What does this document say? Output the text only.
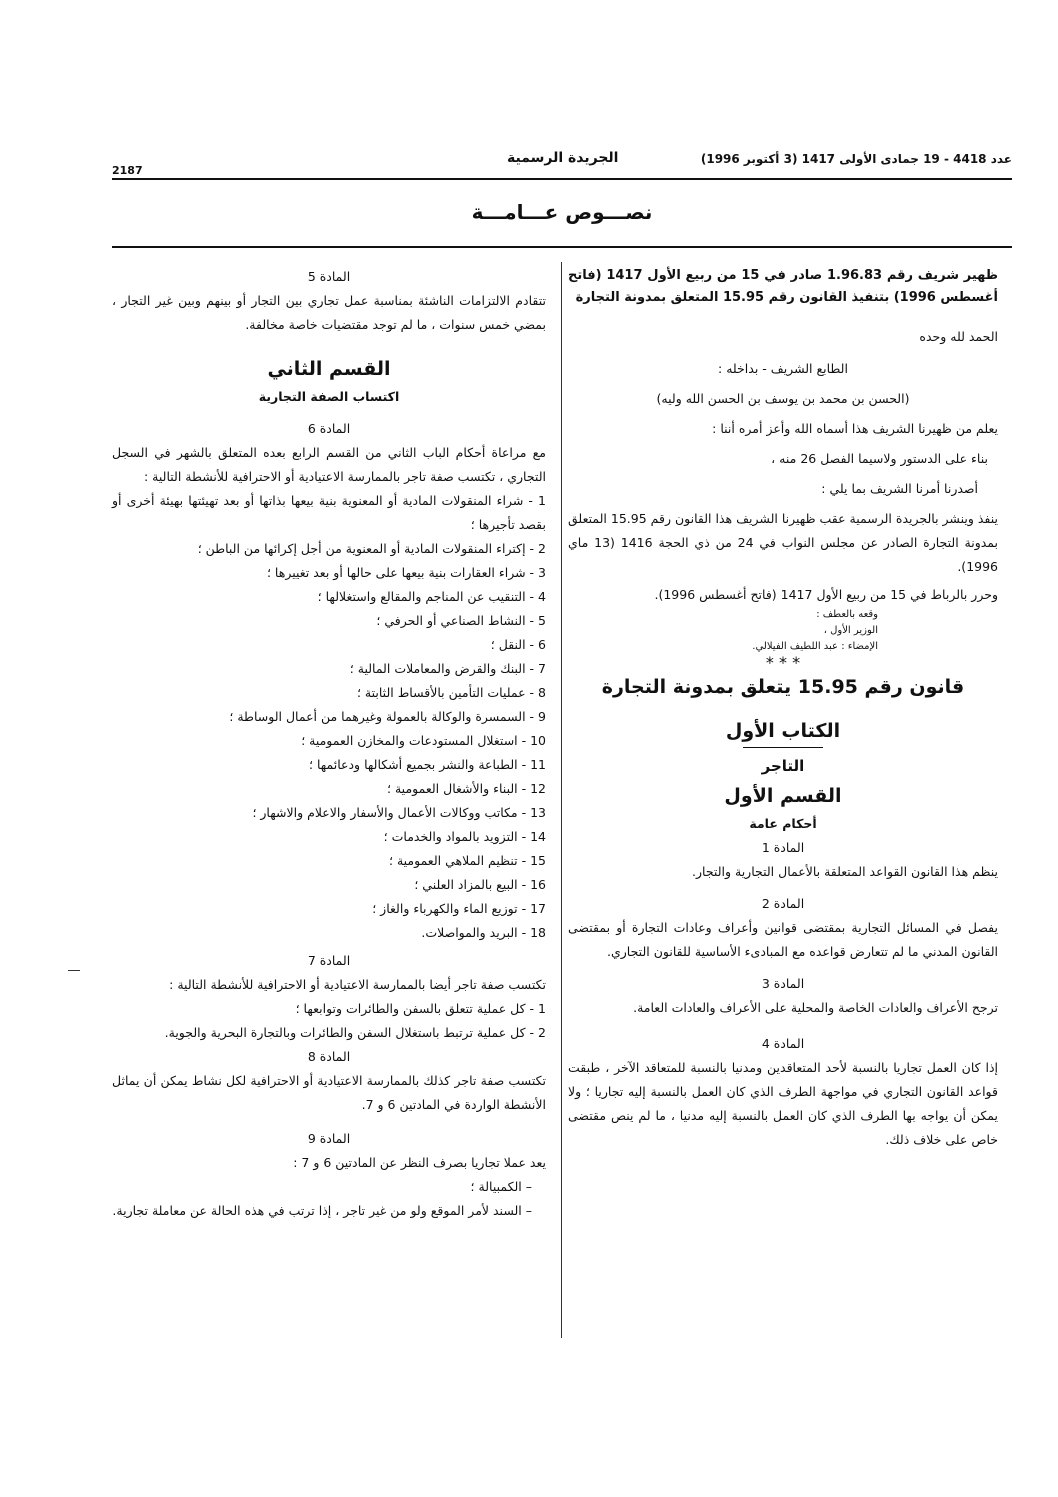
عدد 4418 - 19 جمادى الأولى 1417 (3 أكتوبر 1996)
الجريدة الرسمية
2187
نصـــوص عـــامـــة

ظهير شريف رقم 1.96.83 صادر في 15 من ربيع الأول 1417 (فاتح أغسطس 1996) بتنفيذ القانون رقم 15.95 المتعلق بمدونة التجارة

الحمد لله وحده

الطابع الشريف - بداخله :

(الحسن بن محمد بن يوسف بن الحسن الله وليه)

يعلم من ظهيرنا الشريف هذا أسماه الله وأعز أمره أننا :

بناء على الدستور ولاسيما الفصل 26 منه ،

أصدرنا أمرنا الشريف بما يلي :

ينفذ وينشر بالجريدة الرسمية عقب ظهيرنا الشريف هذا القانون رقم 15.95 المتعلق بمدونة التجارة الصادر عن مجلس النواب في 24 من ذي الحجة 1416 (13 ماي 1996).

وحرر بالرباط في 15 من ربيع الأول 1417 (فاتح أغسطس 1996).

وقعه بالعطف :

الوزير الأول ،

الإمضاء : عبد اللطيف الفيلالي.

* * *

قانون رقم 15.95 يتعلق بمدونة التجارة

الكتاب الأول

التاجر

القسم الأول

أحكام عامة

المادة 1

ينظم هذا القانون القواعد المتعلقة بالأعمال التجارية والتجار.

المادة 2

يفصل في المسائل التجارية بمقتضى قوانين وأعراف وعادات التجارة أو بمقتضى القانون المدني ما لم تتعارض قواعده مع المبادىء الأساسية للقانون التجاري.

المادة 3

ترجح الأعراف والعادات الخاصة والمحلية على الأعراف والعادات العامة.

المادة 4

إذا كان العمل تجاريا بالنسبة لأحد المتعاقدين ومدنيا بالنسبة للمتعاقد الآخر ، طبقت قواعد القانون التجاري في مواجهة الطرف الذي كان العمل بالنسبة إليه تجاريا ؛ ولا يمكن أن يواجه بها الطرف الذي كان العمل بالنسبة إليه مدنيا ، ما لم ينص مقتضى خاص على خلاف ذلك.

المادة 5

تتقادم الالتزامات الناشئة بمناسبة عمل تجاري بين التجار أو بينهم وبين غير التجار ، بمضي خمس سنوات ، ما لم توجد مقتضيات خاصة مخالفة.

القسم الثاني

اكتساب الصفة التجارية

المادة 6

مع مراعاة أحكام الباب الثاني من القسم الرابع بعده المتعلق بالشهر في السجل التجاري ، تكتسب صفة تاجر بالممارسة الاعتيادية أو الاحترافية للأنشطة التالية :

1 - شراء المنقولات المادية أو المعنوية بنية بيعها بذاتها أو بعد تهيئتها بهيئة أخرى أو بقصد تأجيرها ؛

2 - إكتراء المنقولات المادية أو المعنوية من أجل إكرائها من الباطن ؛

3 - شراء العقارات بنية بيعها على حالها أو بعد تغييرها ؛

4 - التنقيب عن المناجم والمقالع واستغلالها ؛

5 - النشاط الصناعي أو الحرفي ؛

6 - النقل ؛

7 - البنك والقرض والمعاملات المالية ؛

8 - عمليات التأمين بالأقساط الثابتة ؛

9 - السمسرة والوكالة بالعمولة وغيرهما من أعمال الوساطة ؛

10 - استغلال المستودعات والمخازن العمومية ؛

11 - الطباعة والنشر بجميع أشكالها ودعائمها ؛

12 - البناء والأشغال العمومية ؛

13 - مكاتب ووكالات الأعمال والأسفار والاعلام والاشهار ؛

14 - التزويد بالمواد والخدمات ؛

15 - تنظيم الملاهي العمومية ؛

16 - البيع بالمزاد العلني ؛

17 - توزيع الماء والكهرباء والغاز ؛

18 - البريد والمواصلات.

المادة 7

تكتسب صفة تاجر أيضا بالممارسة الاعتيادية أو الاحترافية للأنشطة التالية :

1 - كل عملية تتعلق بالسفن والطائرات وتوابعها ؛

2 - كل عملية ترتبط باستغلال السفن والطائرات وبالتجارة البحرية والجوية.

المادة 8

تكتسب صفة تاجر كذلك بالممارسة الاعتيادية أو الاحترافية لكل نشاط يمكن أن يماثل الأنشطة الواردة في المادتين 6 و 7.

المادة 9

يعد عملا تجاريا بصرف النظر عن المادتين 6 و 7 :

– الكمبيالة ؛

– السند لأمر الموقع ولو من غير تاجر ، إذا ترتب في هذه الحالة عن معاملة تجارية.
